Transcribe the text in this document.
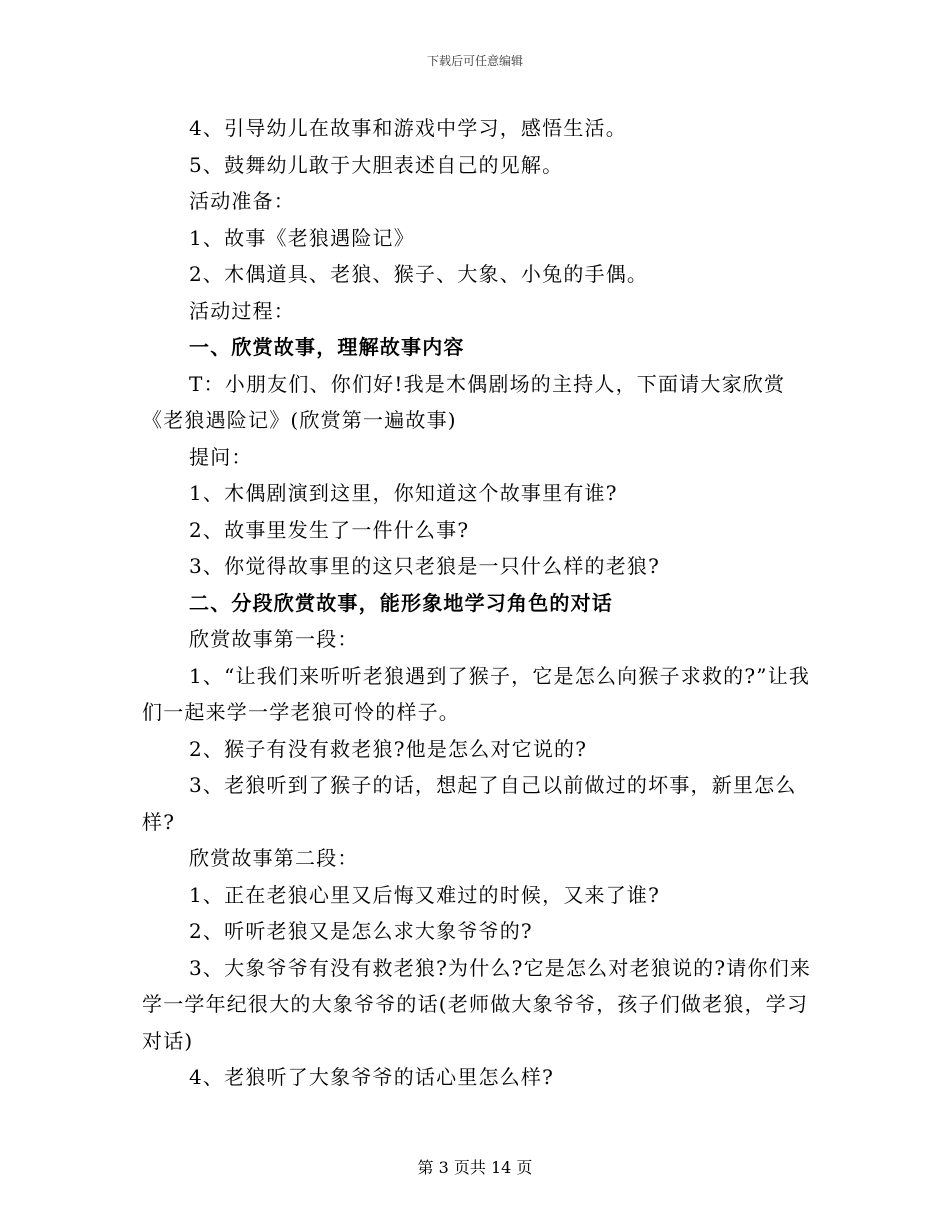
下载后可任意编辑

4、引导幼儿在故事和游戏中学习，感悟生活。

5、鼓舞幼儿敢于大胆表述自己的见解。

活动准备：

1、故事《老狼遇险记》

2、木偶道具、老狼、猴子、大象、小兔的手偶。

活动过程：

一、欣赏故事，理解故事内容

T：小朋友们、你们好!我是木偶剧场的主持人，下面请大家欣赏《老狼遇险记》(欣赏第一遍故事)

提问：

1、木偶剧演到这里，你知道这个故事里有谁?

2、故事里发生了一件什么事?

3、你觉得故事里的这只老狼是一只什么样的老狼?

二、分段欣赏故事，能形象地学习角色的对话

欣赏故事第一段：

1、“让我们来听听老狼遇到了猴子，它是怎么向猴子求救的?”让我们一起来学一学老狼可怜的样子。

2、猴子有没有救老狼?他是怎么对它说的?

3、老狼听到了猴子的话，想起了自己以前做过的坏事，新里怎么样?

欣赏故事第二段：

1、正在老狼心里又后悔又难过的时候，又来了谁?

2、听听老狼又是怎么求大象爷爷的?

3、大象爷爷有没有救老狼?为什么?它是怎么对老狼说的?请你们来学一学年纪很大的大象爷爷的话(老师做大象爷爷，孩子们做老狼，学习对话)

4、老狼听了大象爷爷的话心里怎么样?

第 3 页共 14 页
